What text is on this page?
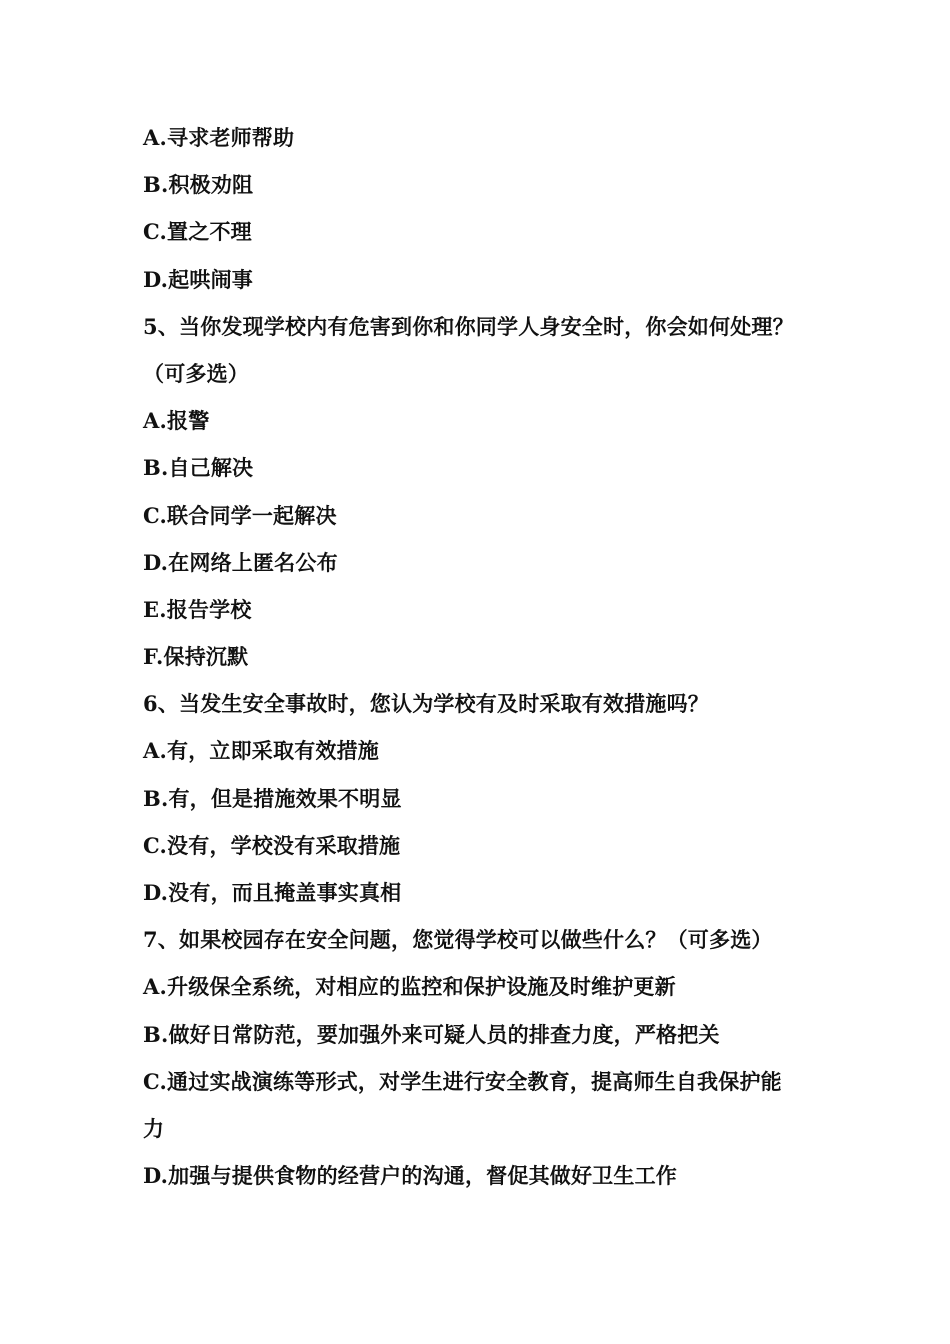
A.寻求老师帮助
B.积极劝阻
C.置之不理
D.起哄闹事
5、当你发现学校内有危害到你和你同学人身安全时，你会如何处理？
（可多选）
A.报警
B.自己解决
C.联合同学一起解决
D.在网络上匿名公布
E.报告学校
F.保持沉默
6、当发生安全事故时，您认为学校有及时采取有效措施吗？
A.有，立即采取有效措施
B.有，但是措施效果不明显
C.没有，学校没有采取措施
D.没有，而且掩盖事实真相
7、如果校园存在安全问题，您觉得学校可以做些什么？（可多选）
A.升级保全系统，对相应的监控和保护设施及时维护更新
B.做好日常防范，要加强外来可疑人员的排查力度，严格把关
C.通过实战演练等形式，对学生进行安全教育，提高师生自我保护能
力
D.加强与提供食物的经营户的沟通，督促其做好卫生工作
